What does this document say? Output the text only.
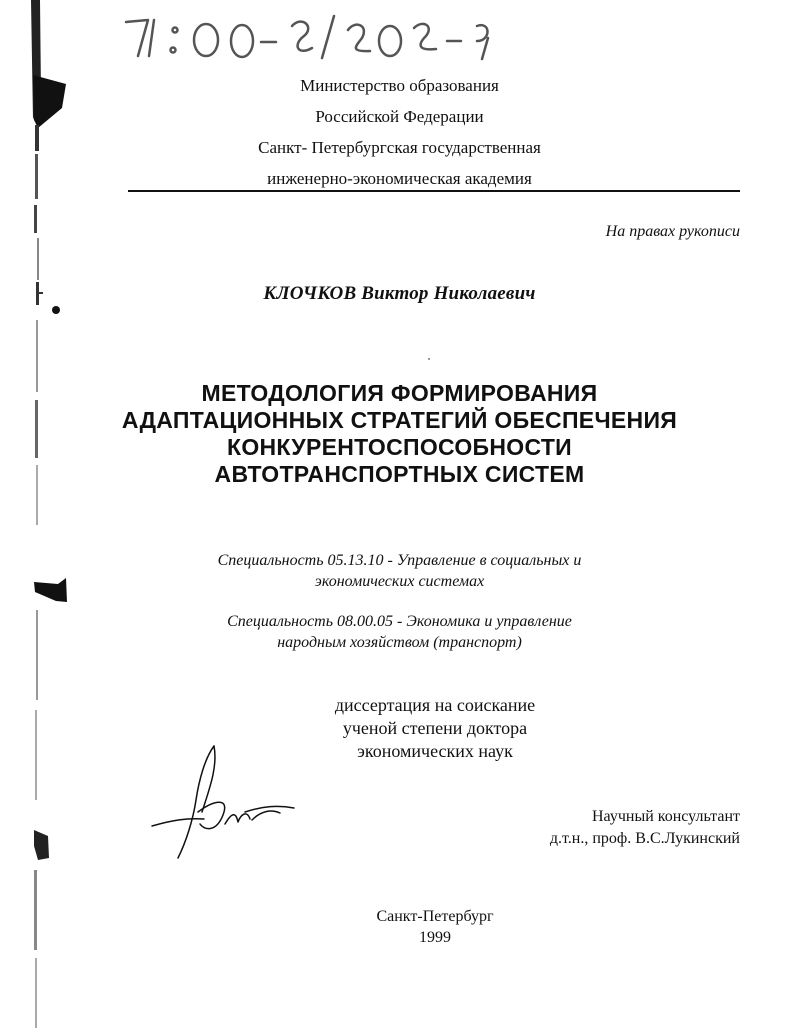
Министерство образования
Российской Федерации
Санкт- Петербургская государственная
инженерно-экономическая академия
На правах рукописи
КЛОЧКОВ Виктор Николаевич
МЕТОДОЛОГИЯ ФОРМИРОВАНИЯ
АДАПТАЦИОННЫХ СТРАТЕГИЙ ОБЕСПЕЧЕНИЯ
КОНКУРЕНТОСПОСОБНОСТИ
АВТОТРАНСПОРТНЫХ СИСТЕМ
Специальность 05.13.10 - Управление в социальных и
экономических системах
Специальность 08.00.05 - Экономика и управление
народным хозяйством (транспорт)
диссертация на соискание
ученой степени доктора
экономических наук
Научный консультант
д.т.н., проф. В.С.Лукинский
Санкт-Петербург
1999
